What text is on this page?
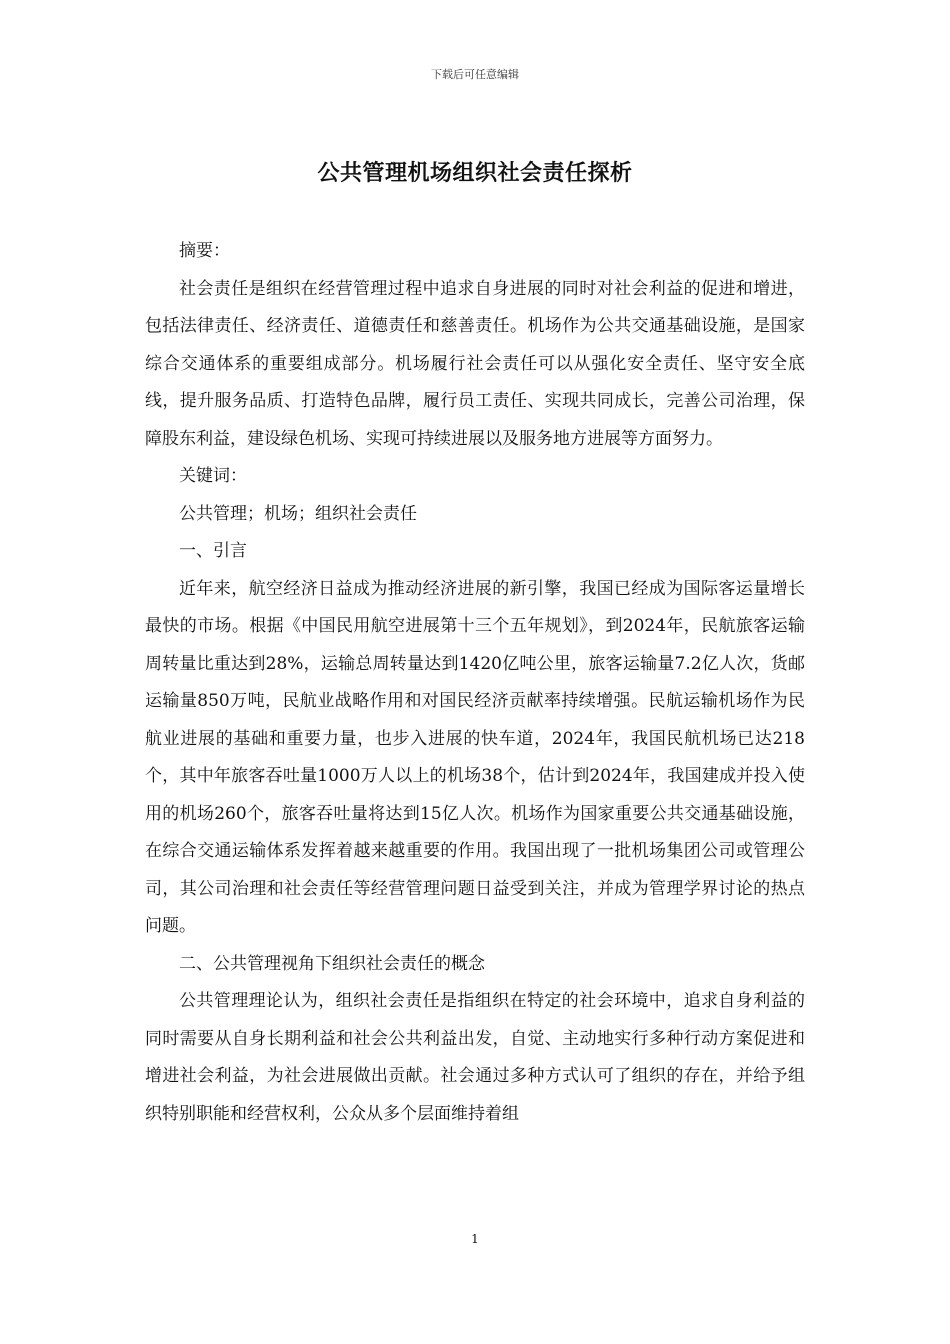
下载后可任意编辑
公共管理机场组织社会责任探析

摘要：

社会责任是组织在经营管理过程中追求自身进展的同时对社会利益的促进和增进，包括法律责任、经济责任、道德责任和慈善责任。机场作为公共交通基础设施，是国家综合交通体系的重要组成部分。机场履行社会责任可以从强化安全责任、坚守安全底线，提升服务品质、打造特色品牌，履行员工责任、实现共同成长，完善公司治理，保障股东利益，建设绿色机场、实现可持续进展以及服务地方进展等方面努力。

关键词：

公共管理；机场；组织社会责任

一、引言

近年来，航空经济日益成为推动经济进展的新引擎，我国已经成为国际客运量增长最快的市场。根据《中国民用航空进展第十三个五年规划》，到2024年，民航旅客运输周转量比重达到28%，运输总周转量达到1420亿吨公里，旅客运输量7.2亿人次，货邮运输量850万吨，民航业战略作用和对国民经济贡献率持续增强。民航运输机场作为民航业进展的基础和重要力量，也步入进展的快车道，2024年，我国民航机场已达218个，其中年旅客吞吐量1000万人以上的机场38个，估计到2024年，我国建成并投入使用的机场260个，旅客吞吐量将达到15亿人次。机场作为国家重要公共交通基础设施，在综合交通运输体系发挥着越来越重要的作用。我国出现了一批机场集团公司或管理公司，其公司治理和社会责任等经营管理问题日益受到关注，并成为管理学界讨论的热点问题。

二、公共管理视角下组织社会责任的概念

公共管理理论认为，组织社会责任是指组织在特定的社会环境中，追求自身利益的同时需要从自身长期利益和社会公共利益出发，自觉、主动地实行多种行动方案促进和增进社会利益，为社会进展做出贡献。社会通过多种方式认可了组织的存在，并给予组织特别职能和经营权利，公众从多个层面维持着组

1
